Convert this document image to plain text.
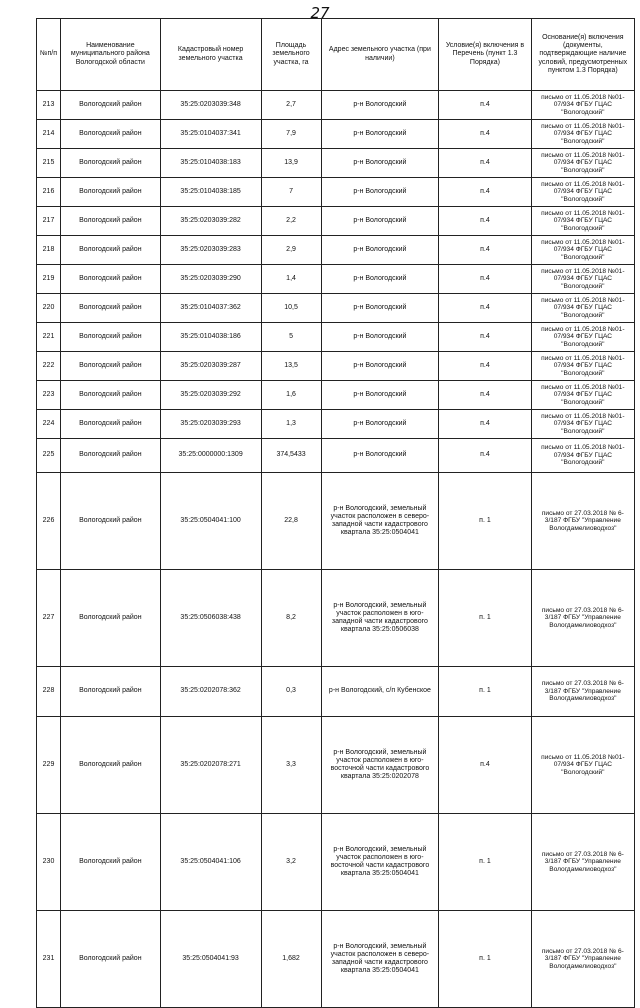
27
№п/п	Наименование муниципального района Вологодской области	Кадастровый номер земельного участка	Площадь земельного участка, га	Адрес земельного участка (при наличии)	Условие(я) включения в Перечень (пункт 1.3 Порядка)	Основание(я) включения (документы, подтверждающие наличие условий, предусмотренных пунктом 1.3 Порядка)
213	Вологодский район	35:25:0203039:348	2,7	р-н Вологодский	п.4	письмо от 11.05.2018 №01-07/934 ФГБУ ГЦАС "Вологодский"
214	Вологодский район	35:25:0104037:341	7,9	р-н Вологодский	п.4	письмо от 11.05.2018 №01-07/934 ФГБУ ГЦАС "Вологодский"
215	Вологодский район	35:25:0104038:183	13,9	р-н Вологодский	п.4	письмо от 11.05.2018 №01-07/934 ФГБУ ГЦАС "Вологодский"
216	Вологодский район	35:25:0104038:185	7	р-н Вологодский	п.4	письмо от 11.05.2018 №01-07/934 ФГБУ ГЦАС "Вологодский"
217	Вологодский район	35:25:0203039:282	2,2	р-н Вологодский	п.4	письмо от 11.05.2018 №01-07/934 ФГБУ ГЦАС "Вологодский"
218	Вологодский район	35:25:0203039:283	2,9	р-н Вологодский	п.4	письмо от 11.05.2018 №01-07/934 ФГБУ ГЦАС "Вологодский"
219	Вологодский район	35:25:0203039:290	1,4	р-н Вологодский	п.4	письмо от 11.05.2018 №01-07/934 ФГБУ ГЦАС "Вологодский"
220	Вологодский район	35:25:0104037:362	10,5	р-н Вологодский	п.4	письмо от 11.05.2018 №01-07/934 ФГБУ ГЦАС "Вологодский"
221	Вологодский район	35:25:0104038:186	5	р-н Вологодский	п.4	письмо от 11.05.2018 №01-07/934 ФГБУ ГЦАС "Вологодский"
222	Вологодский район	35:25:0203039:287	13,5	р-н Вологодский	п.4	письмо от 11.05.2018 №01-07/934 ФГБУ ГЦАС "Вологодский"
223	Вологодский район	35:25:0203039:292	1,6	р-н Вологодский	п.4	письмо от 11.05.2018 №01-07/934 ФГБУ ГЦАС "Вологодский"
224	Вологодский район	35:25:0203039:293	1,3	р-н Вологодский	п.4	письмо от 11.05.2018 №01-07/934 ФГБУ ГЦАС "Вологодский"
225	Вологодский район	35:25:0000000:1309	374,5433	р-н Вологодский	п.4	письмо от 11.05.2018 №01-07/934 ФГБУ ГЦАС "Вологодский"
226	Вологодский район	35:25:0504041:100	22,8	р-н Вологодский, земельный участок расположен в северо-западной части кадастрового квартала 35:25:0504041	п. 1	письмо от 27.03.2018 № 6-3/187 ФГБУ "Управление Вологдамелиоводхоз"
227	Вологодский район	35:25:0506038:438	8,2	р-н Вологодский, земельный участок расположен в юго-западной части кадастрового квартала 35:25:0506038	п. 1	письмо от 27.03.2018 № 6-3/187 ФГБУ "Управление Вологдамелиоводхоз"
228	Вологодский район	35:25:0202078:362	0,3	р-н Вологодский, с/п Кубенское	п. 1	письмо от 27.03.2018 № 6-3/187 ФГБУ "Управление Вологдамелиоводхоз"
229	Вологодский район	35:25:0202078:271	3,3	р-н Вологодский, земельный участок расположен в юго-восточной части кадастрового квартала 35:25:0202078	п.4	письмо от 11.05.2018 №01-07/934 ФГБУ ГЦАС "Вологодский"
230	Вологодский район	35:25:0504041:106	3,2	р-н Вологодский, земельный участок расположен в юго-восточной части кадастрового квартала 35:25:0504041	п. 1	письмо от 27.03.2018 № 6-3/187 ФГБУ "Управление Вологдамелиоводхоз"
231	Вологодский район	35:25:0504041:93	1,682	р-н Вологодский, земельный участок расположен в северо-западной части кадастрового квартала 35:25:0504041	п. 1	письмо от 27.03.2018 № 6-3/187 ФГБУ "Управление Вологдамелиоводхоз"
